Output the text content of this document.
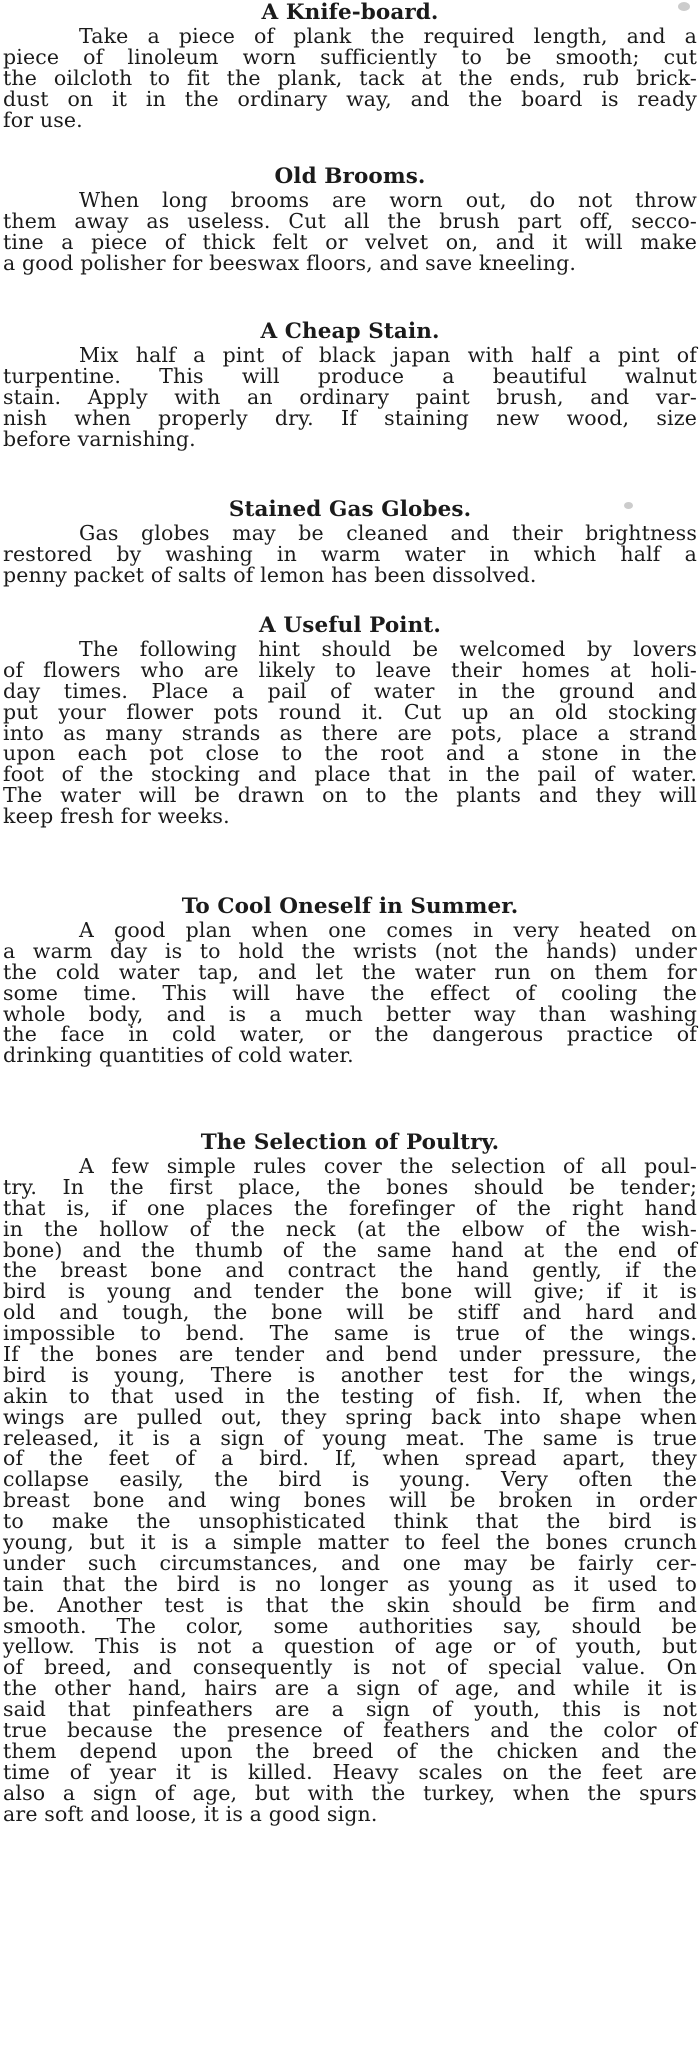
A Knife-board.
Take a piece of plank the required length, and a
piece of linoleum worn sufficiently to be smooth; cut
the oilcloth to fit the plank, tack at the ends, rub brick-
dust on it in the ordinary way, and the board is ready
for use.
Old Brooms.
When long brooms are worn out, do not throw
them away as useless. Cut all the brush part off, secco-
tine a piece of thick felt or velvet on, and it will make
a good polisher for beeswax floors, and save kneeling.
A Cheap Stain.
Mix half a pint of black japan with half a pint of
turpentine. This will produce a beautiful walnut
stain. Apply with an ordinary paint brush, and var-
nish when properly dry. If staining new wood, size
before varnishing.
Stained Gas Globes.
Gas globes may be cleaned and their brightness
restored by washing in warm water in which half a
penny packet of salts of lemon has been dissolved.
A Useful Point.
The following hint should be welcomed by lovers
of flowers who are likely to leave their homes at holi-
day times. Place a pail of water in the ground and
put your flower pots round it. Cut up an old stocking
into as many strands as there are pots, place a strand
upon each pot close to the root and a stone in the
foot of the stocking and place that in the pail of water.
The water will be drawn on to the plants and they will
keep fresh for weeks.
To Cool Oneself in Summer.
A good plan when one comes in very heated on
a warm day is to hold the wrists (not the hands) under
the cold water tap, and let the water run on them for
some time. This will have the effect of cooling the
whole body, and is a much better way than washing
the face in cold water, or the dangerous practice of
drinking quantities of cold water.
The Selection of Poultry.
A few simple rules cover the selection of all poul-
try. In the first place, the bones should be tender;
that is, if one places the forefinger of the right hand
in the hollow of the neck (at the elbow of the wish-
bone) and the thumb of the same hand at the end of
the breast bone and contract the hand gently, if the
bird is young and tender the bone will give; if it is
old and tough, the bone will be stiff and hard and
impossible to bend. The same is true of the wings.
If the bones are tender and bend under pressure, the
bird is young, There is another test for the wings,
akin to that used in the testing of fish. If, when the
wings are pulled out, they spring back into shape when
released, it is a sign of young meat. The same is true
of the feet of a bird. If, when spread apart, they
collapse easily, the bird is young. Very often the
breast bone and wing bones will be broken in order
to make the unsophisticated think that the bird is
young, but it is a simple matter to feel the bones crunch
under such circumstances, and one may be fairly cer-
tain that the bird is no longer as young as it used to
be. Another test is that the skin should be firm and
smooth. The color, some authorities say, should be
yellow. This is not a question of age or of youth, but
of breed, and consequently is not of special value. On
the other hand, hairs are a sign of age, and while it is
said that pinfeathers are a sign of youth, this is not
true because the presence of feathers and the color of
them depend upon the breed of the chicken and the
time of year it is killed. Heavy scales on the feet are
also a sign of age, but with the turkey, when the spurs
are soft and loose, it is a good sign.
